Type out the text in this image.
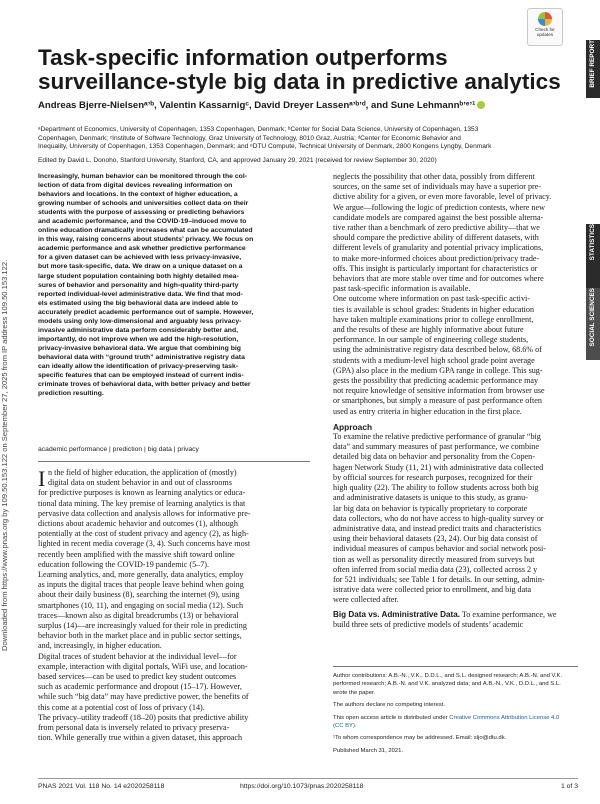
Downloaded from https://www.pnas.org by 109.50.153.122 on September 27, 2025 from IP address 109.50.153.122.
Check for
updates
BRIEF REPORT
STATISTICS
SOCIAL SCIENCES
Task-specific information outperforms
surveillance-style big data in predictive analytics
Andreas Bjerre-Nielsenᵃʼᵇ, Valentin Kassarnigᶜ, David Dreyer Lassenᵃʼᵇʼᵈ, and Sune Lehmannᵇʼᵉʼ¹
ᵃDepartment of Economics, University of Copenhagen, 1353 Copenhagen, Denmark; ᵇCenter for Social Data Science, University of Copenhagen, 1353
Copenhagen, Denmark; ᶜInstitute of Software Technology, Graz University of Technology, 8010 Graz, Austria; ᵈCenter for Economic Behavior and
Inequality, University of Copenhagen, 1353 Copenhagen, Denmark; and ᵉDTU Compute, Technical University of Denmark, 2800 Kongens Lyngby, Denmark
Edited by David L. Donoho, Stanford University, Stanford, CA, and approved January 29, 2021 (received for review September 30, 2020)
Increasingly, human behavior can be monitored through the col-
lection of data from digital devices revealing information on
behaviors and locations. In the context of higher education, a
growing number of schools and universities collect data on their
students with the purpose of assessing or predicting behaviors
and academic performance, and the COVID-19–induced move to
online education dramatically increases what can be accumulated
in this way, raising concerns about students’ privacy. We focus on
academic performance and ask whether predictive performance
for a given dataset can be achieved with less privacy-invasive,
but more task-specific, data. We draw on a unique dataset on a
large student population containing both highly detailed mea-
sures of behavior and personality and high-quality third-party
reported individual-level administrative data. We find that mod-
els estimated using the big behavioral data are indeed able to
accurately predict academic performance out of sample. However,
models using only low-dimensional and arguably less privacy-
invasive administrative data perform considerably better and,
importantly, do not improve when we add the high-resolution,
privacy-invasive behavioral data. We argue that combining big
behavioral data with “ground truth” administrative registry data
can ideally allow the identification of privacy-preserving task-
specific features that can be employed instead of current indis-
criminate troves of behavioral data, with better privacy and better
prediction resulting.
academic performance | prediction | big data | privacy
I n the field of higher education, the application of (mostly)
digital data on student behavior in and out of classrooms
for predictive purposes is known as learning analytics or educa-
tional data mining. The key premise of learning analytics is that
pervasive data collection and analysis allows for informative pre-
dictions about academic behavior and outcomes (1), although
potentially at the cost of student privacy and agency (2), as high-
lighted in recent media coverage (3, 4). Such concerns have most
recently been amplified with the massive shift toward online
education following the COVID-19 pandemic (5–7).
Learning analytics, and, more generally, data analytics, employ
as inputs the digital traces that people leave behind when going
about their daily business (8), searching the internet (9), using
smartphones (10, 11), and engaging on social media (12). Such
traces—known also as digital breadcrumbs (13) or behavioral
surplus (14)—are increasingly valued for their role in predicting
behavior both in the market place and in public sector settings,
and, increasingly, in higher education.
Digital traces of student behavior at the individual level—for
example, interaction with digital portals, WiFi use, and location-
based services—can be used to predict key student outcomes
such as academic performance and dropout (15–17). However,
while such “big data” may have predictive power, the benefits of
this come at a potential cost of loss of privacy (14).
The privacy–utility tradeoff (18–20) posits that predictive ability
from personal data is inversely related to privacy preserva-
tion. While generally true within a given dataset, this approach
neglects the possibility that other data, possibly from different
sources, on the same set of individuals may have a superior pre-
dictive ability for a given, or even more favorable, level of privacy.
We argue—following the logic of prediction contests, where new
candidate models are compared against the best possible alterna-
tive rather than a benchmark of zero predictive ability—that we
should compare the predictive ability of different datasets, with
different levels of granularity and potential privacy implications,
to make more-informed choices about prediction/privacy trade-
offs. This insight is particularly important for characteristics or
behaviors that are more stable over time and for outcomes where
past task-specific information is available.
One outcome where information on past task-specific activi-
ties is available is school grades: Students in higher education
have taken multiple examinations prior to college enrollment,
and the results of these are highly informative about future
performance. In our sample of engineering college students,
using the administrative registry data described below, 68.6% of
students with a medium-level high school grade point average
(GPA) also place in the medium GPA range in college. This sug-
gests the possibility that predicting academic performance may
not require knowledge of sensitive information from browser use
or smartphones, but simply a measure of past performance often
used as entry criteria in higher education in the first place.
Approach
To examine the relative predictive performance of granular “big
data” and summary measures of past performance, we combine
detailed big data on behavior and personality from the Copen-
hagen Network Study (11, 21) with administrative data collected
by official sources for research purposes, recognized for their
high quality (22). The ability to follow students across both big
and administrative datasets is unique to this study, as granu-
lar big data on behavior is typically proprietary to corporate
data collectors, who do not have access to high-quality survey or
administrative data, and instead predict traits and characteristics
using their behavioral datasets (23, 24). Our big data consist of
individual measures of campus behavior and social network posi-
tion as well as personality directly measured from surveys but
often inferred from social media data (23), collected across 2 y
for 521 individuals; see Table 1 for details. In our setting, admin-
istrative data were collected prior to enrollment, and big data
were collected after.
Big Data vs. Administrative Data. To examine performance, we
build three sets of predictive models of students’ academic
Author contributions: A.B.-N., V.K., D.D.L., and S.L. designed research; A.B.-N. and V.K.
performed research; A.B.-N. and V.K. analyzed data; and A.B.-N., V.K., D.D.L., and S.L.
wrote the paper.
The authors declare no competing interest.
This open access article is distributed under Creative Commons Attribution License 4.0
(CC BY).
¹To whom correspondence may be addressed. Email: sljo@dtu.dk.
Published March 31, 2021.
PNAS 2021 Vol. 118 No. 14 e2020258118	https://doi.org/10.1073/pnas.2020258118	1 of 3
